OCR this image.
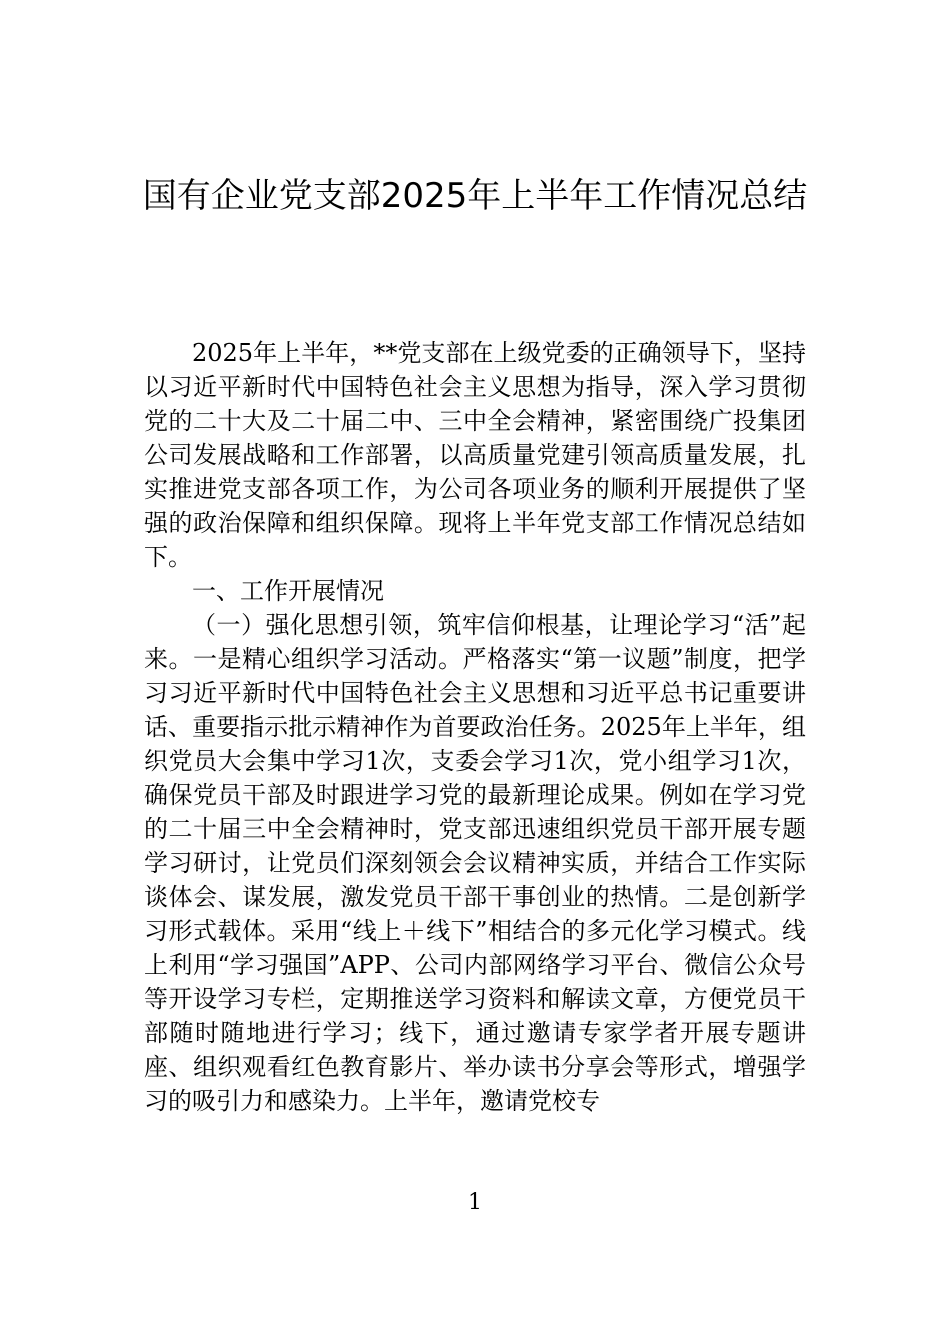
国有企业党支部2025年上半年工作情况总结

2025年上半年，**党支部在上级党委的正确领导下，坚持以习近平新时代中国特色社会主义思想为指导，深入学习贯彻党的二十大及二十届二中、三中全会精神，紧密围绕广投集团公司发展战略和工作部署，以高质量党建引领高质量发展，扎实推进党支部各项工作，为公司各项业务的顺利开展提供了坚强的政治保障和组织保障。现将上半年党支部工作情况总结如下。

一、工作开展情况

（一）强化思想引领，筑牢信仰根基，让理论学习“活”起来。一是精心组织学习活动。严格落实“第一议题”制度，把学习习近平新时代中国特色社会主义思想和习近平总书记重要讲话、重要指示批示精神作为首要政治任务。2025年上半年，组织党员大会集中学习1次，支委会学习1次，党小组学习1次，确保党员干部及时跟进学习党的最新理论成果。例如在学习党的二十届三中全会精神时，党支部迅速组织党员干部开展专题学习研讨，让党员们深刻领会会议精神实质，并结合工作实际谈体会、谋发展，激发党员干部干事创业的热情。二是创新学习形式载体。采用“线上＋线下”相结合的多元化学习模式。线上利用“学习强国”APP、公司内部网络学习平台、微信公众号等开设学习专栏，定期推送学习资料和解读文章，方便党员干部随时随地进行学习；线下，通过邀请专家学者开展专题讲座、组织观看红色教育影片、举办读书分享会等形式，增强学习的吸引力和感染力。上半年，邀请党校专

1
